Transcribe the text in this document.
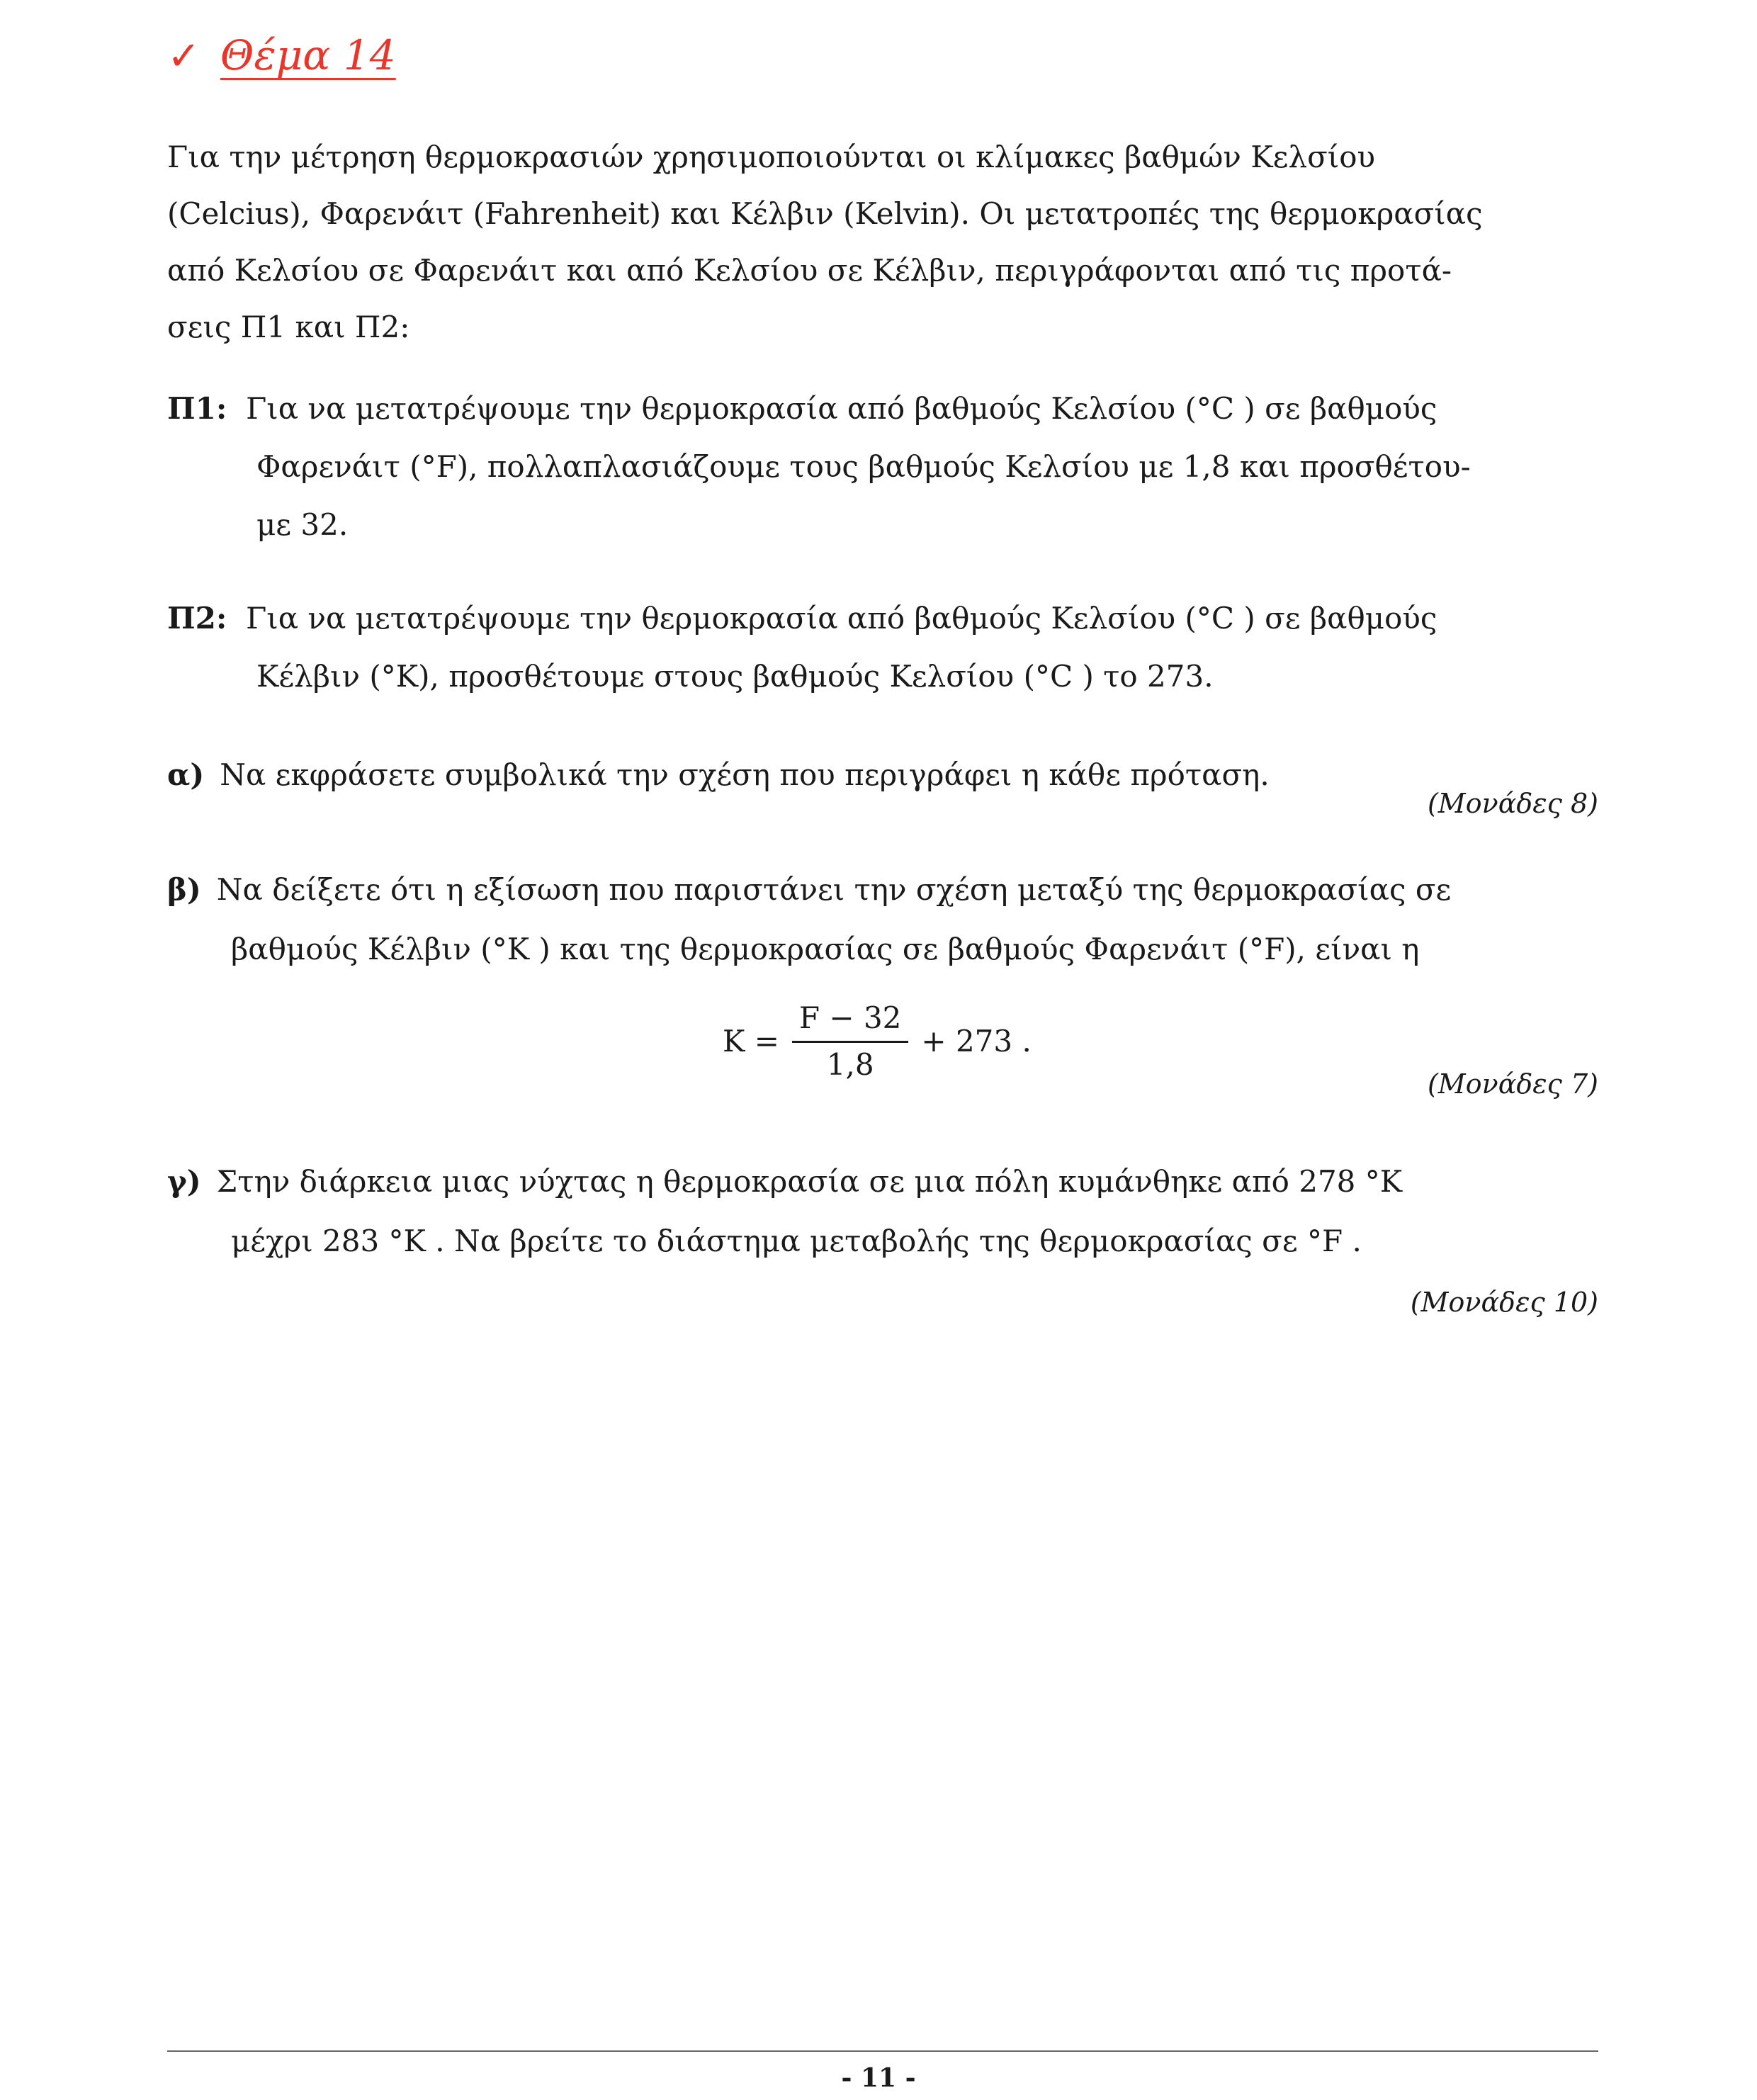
✓ Θέμα 14
Για την μέτρηση θερμοκρασιών χρησιμοποιούνται οι κλίμακες βαθμών Κελσίου
(Celcius), Φαρενάιτ (Fahrenheit) και Κέλβιν (Kelvin). Οι μετατροπές της θερμοκρασίας
από Κελσίου σε Φαρενάιτ και από Κελσίου σε Κέλβιν, περιγράφονται από τις προτά-
σεις Π1 και Π2:
Π1: Για να μετατρέψουμε την θερμοκρασία από βαθμούς Κελσίου (°C ) σε βαθμούς
Φαρενάιτ (°F), πολλαπλασιάζουμε τους βαθμούς Κελσίου με 1,8 και προσθέτου-
με 32.
Π2: Για να μετατρέψουμε την θερμοκρασία από βαθμούς Κελσίου (°C ) σε βαθμούς
Κέλβιν (°K), προσθέτουμε στους βαθμούς Κελσίου (°C ) το 273.
α) Να εκφράσετε συμβολικά την σχέση που περιγράφει η κάθε πρόταση.
(Μονάδες 8)
β) Να δείξετε ότι η εξίσωση που παριστάνει την σχέση μεταξύ της θερμοκρασίας σε
βαθμούς Κέλβιν (°K ) και της θερμοκρασίας σε βαθμούς Φαρενάιτ (°F), είναι η
$K = \frac{F - 32}{1,8} + 273$ .
(Μονάδες 7)
γ) Στην διάρκεια μιας νύχτας η θερμοκρασία σε μια πόλη κυμάνθηκε από 278 °K
μέχρι 283 °K . Να βρείτε το διάστημα μεταβολής της θερμοκρασίας σε °F .
(Μονάδες 10)
- 11 -
